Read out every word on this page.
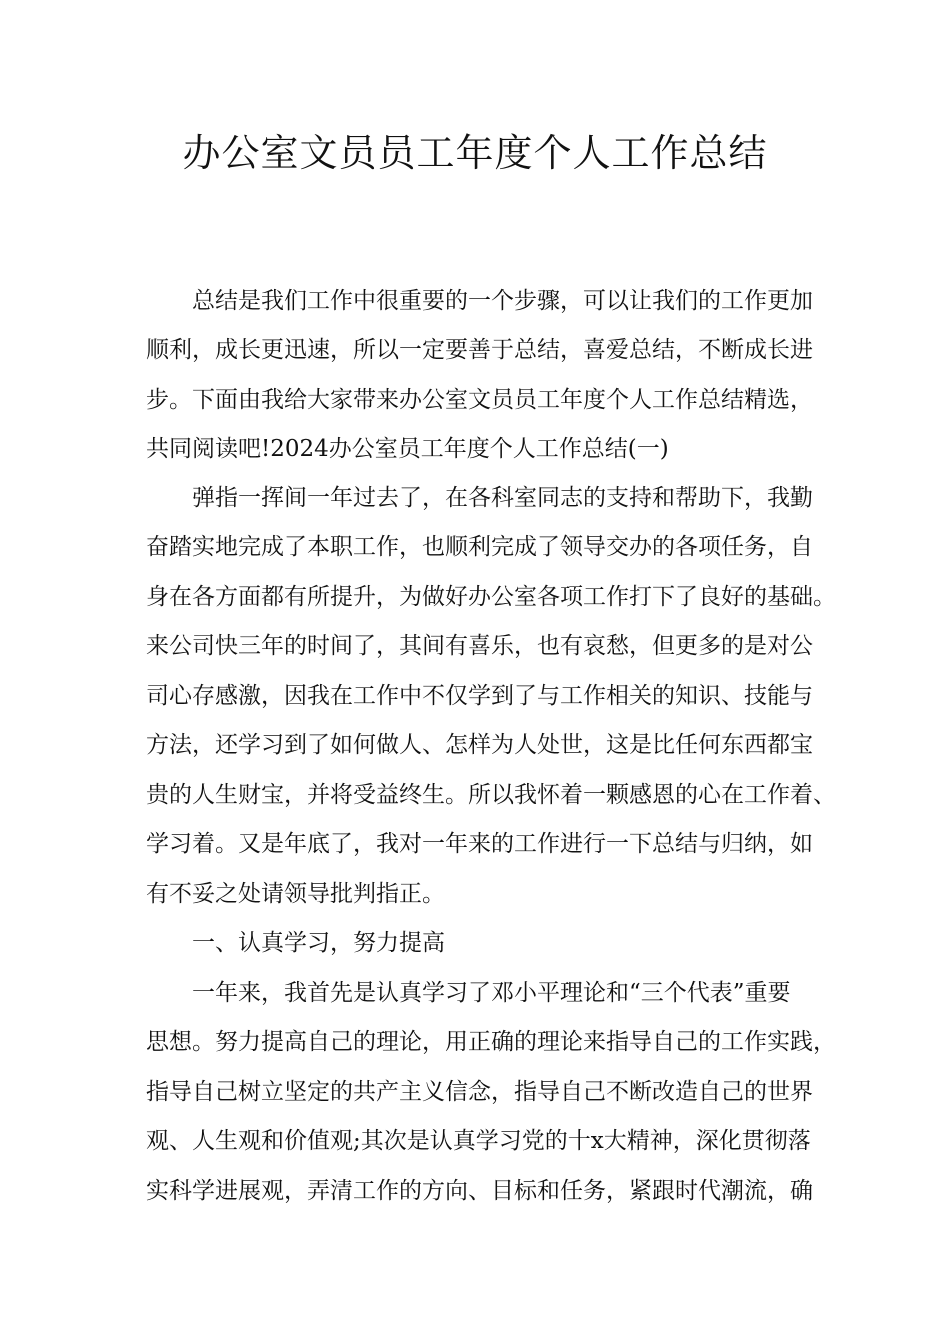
办公室文员员工年度个人工作总结

总结是我们工作中很重要的一个步骤，可以让我们的工作更加

顺利，成长更迅速，所以一定要善于总结，喜爱总结，不断成长进

步。下面由我给大家带来办公室文员员工年度个人工作总结精选，

共同阅读吧!2024办公室员工年度个人工作总结(一)

弹指一挥间一年过去了，在各科室同志的支持和帮助下，我勤

奋踏实地完成了本职工作，也顺利完成了领导交办的各项任务，自

身在各方面都有所提升，为做好办公室各项工作打下了良好的基础。

来公司快三年的时间了，其间有喜乐，也有哀愁，但更多的是对公

司心存感激，因我在工作中不仅学到了与工作相关的知识、技能与

方法，还学习到了如何做人、怎样为人处世，这是比任何东西都宝

贵的人生财宝，并将受益终生。所以我怀着一颗感恩的心在工作着、

学习着。又是年底了，我对一年来的工作进行一下总结与归纳，如

有不妥之处请领导批判指正。

一、认真学习，努力提高

一年来，我首先是认真学习了邓小平理论和“三个代表”重要

思想。努力提高自己的理论，用正确的理论来指导自己的工作实践，

指导自己树立坚定的共产主义信念，指导自己不断改造自己的世界

观、人生观和价值观;其次是认真学习党的十x大精神，深化贯彻落

实科学进展观，弄清工作的方向、目标和任务，紧跟时代潮流，确
